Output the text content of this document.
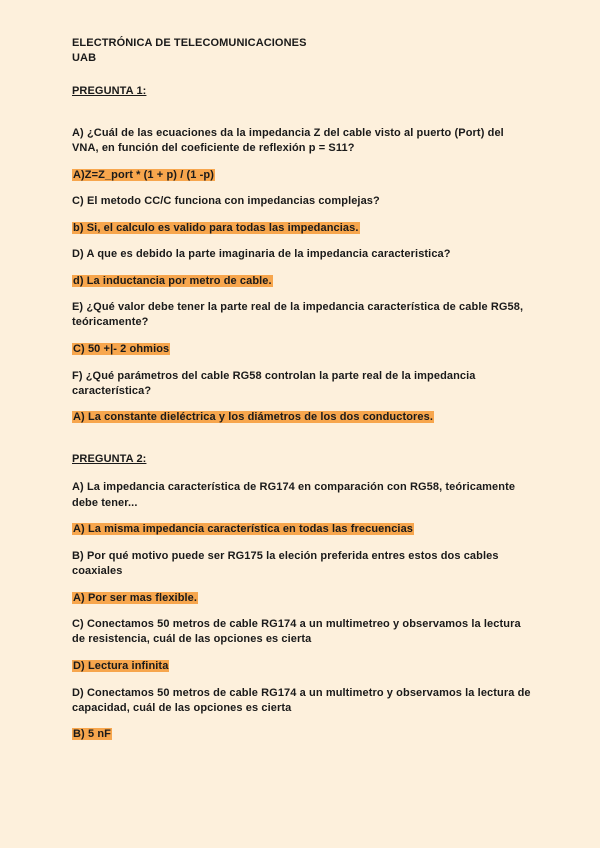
ELECTRÓNICA DE TELECOMUNICACIONES
UAB
PREGUNTA 1:
A) ¿Cuál de las ecuaciones da la impedancia Z del cable visto al puerto (Port) del
VNA, en función del coeficiente de reflexión p = S11?
A)Z=Z_port * (1 + p) / (1 -p)
C) El metodo CC/C funciona con impedancias complejas?
b) Si, el calculo es valido para todas las impedancias.
D) A que es debido la parte imaginaria de la impedancia caracteristica?
d) La inductancia por metro de cable.
E) ¿Qué valor debe tener la parte real de la impedancia característica de cable RG58,
teóricamente?
C) 50 +|- 2 ohmios
F) ¿Qué parámetros del cable RG58 controlan la parte real de la impedancia
característica?
A) La constante dieléctrica y los diámetros de los dos conductores.
PREGUNTA 2:
A) La impedancia característica de RG174 en comparación con RG58, teóricamente
debe tener...
A) La misma impedancia característica en todas las frecuencias
B) Por qué motivo puede ser RG175 la eleción preferida entres estos dos cables
coaxiales
A) Por ser mas flexible.
C) Conectamos 50 metros de cable RG174 a un multimetreo y observamos la lectura
de resistencia, cuál de las opciones es cierta
D) Lectura infinita
D) Conectamos 50 metros de cable RG174 a un multimetro y observamos la lectura de
capacidad, cuál de las opciones es cierta
B) 5 nF
